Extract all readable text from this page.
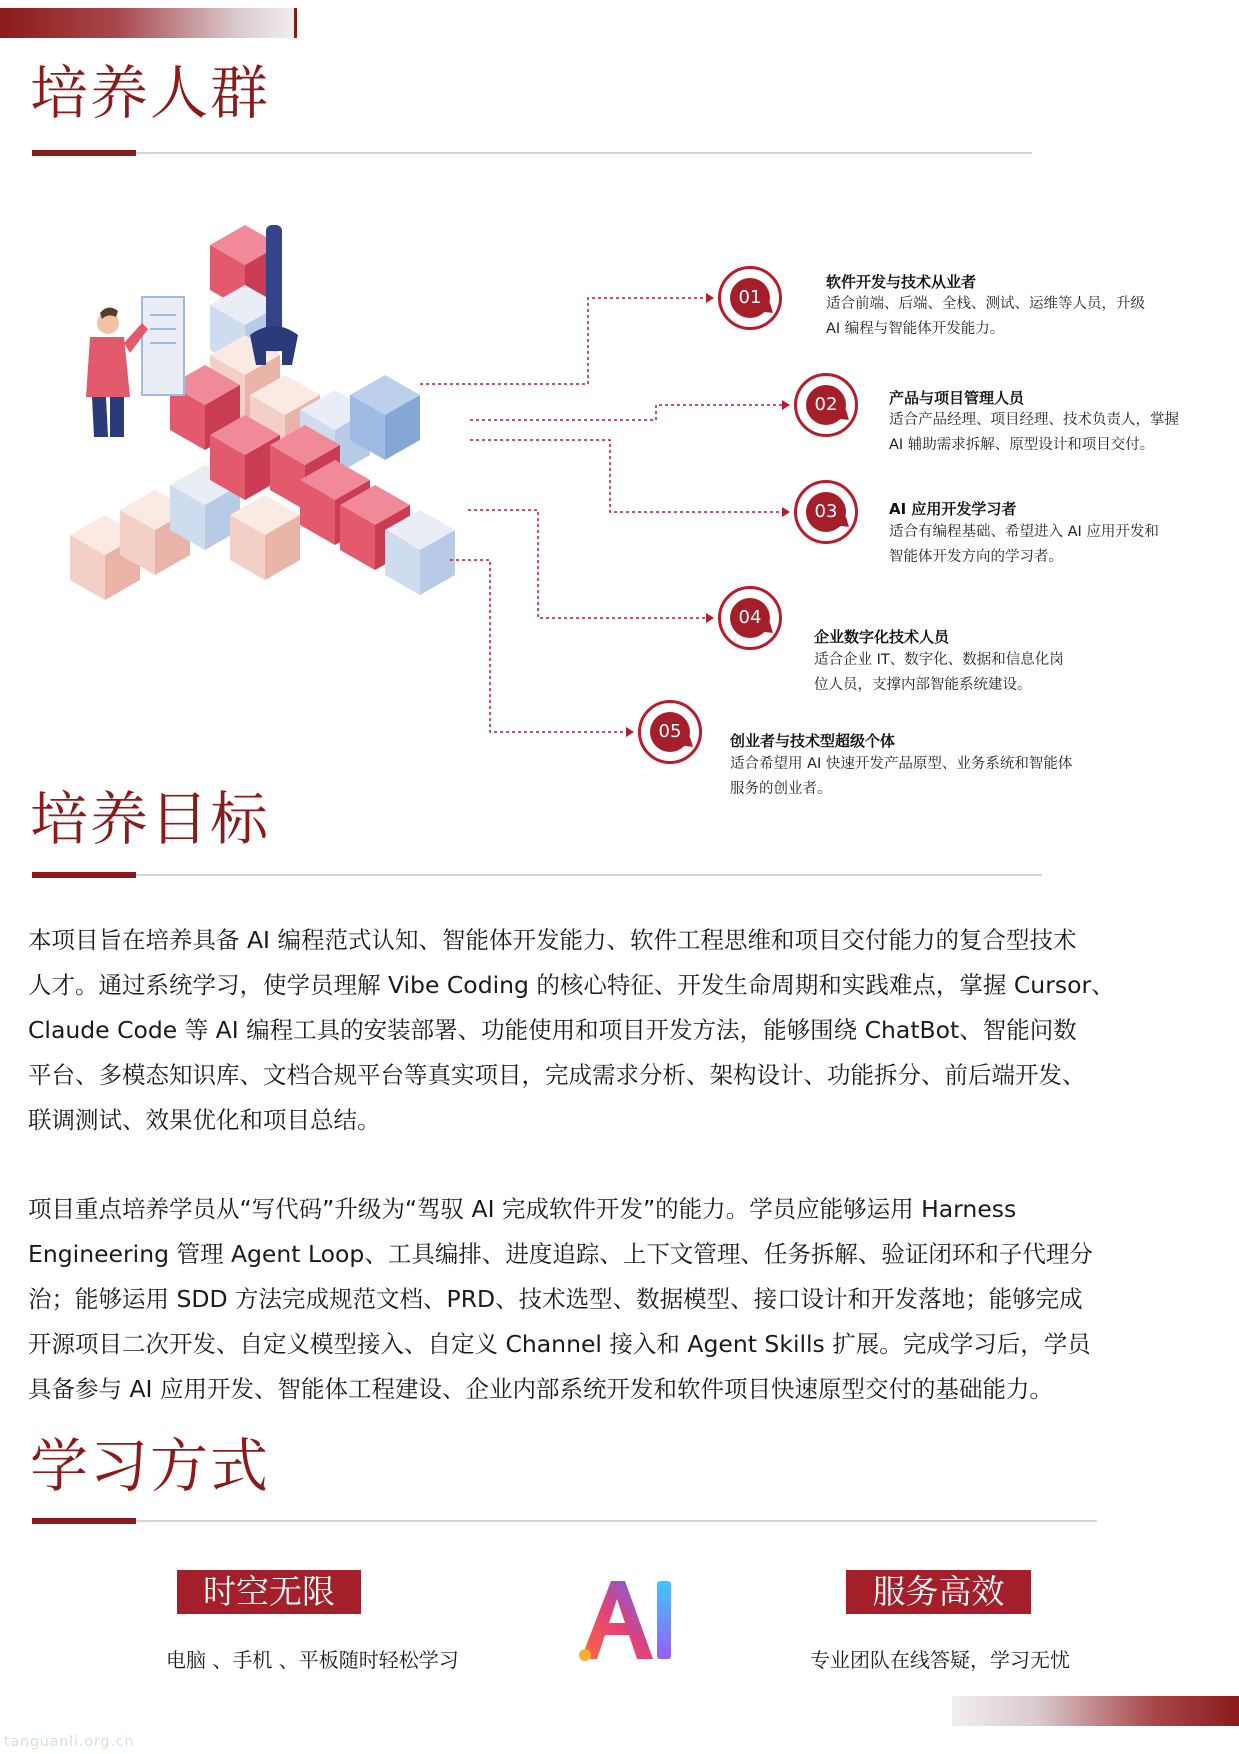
培养人群
01
软件开发与技术从业者
适合前端、后端、全栈、测试、运维等人员，升级
AI 编程与智能体开发能力。
02	产品与项目管理人员
适合产品经理、项目经理、技术负责人，掌握
AI 辅助需求拆解、原型设计和项目交付。
03	AI 应用开发学习者
适合有编程基础、希望进入 AI 应用开发和
智能体开发方向的学习者。
04
企业数字化技术人员
适合企业 IT、数字化、数据和信息化岗
位人员，支撑内部智能系统建设。
05	创业者与技术型超级个体
适合希望用 AI 快速开发产品原型、业务系统和智能体
服务的创业者。
培养目标
本项目旨在培养具备 AI 编程范式认知、智能体开发能力、软件工程思维和项目交付能力的复合型技术
人才。通过系统学习，使学员理解 Vibe Coding 的核心特征、开发生命周期和实践难点，掌握 Cursor、
Claude Code 等 AI 编程工具的安装部署、功能使用和项目开发方法，能够围绕 ChatBot、智能问数
平台、多模态知识库、文档合规平台等真实项目，完成需求分析、架构设计、功能拆分、前后端开发、
联调测试、效果优化和项目总结。
项目重点培养学员从“写代码”升级为“驾驭 AI 完成软件开发”的能力。学员应能够运用 Harness
Engineering 管理 Agent Loop、工具编排、进度追踪、上下文管理、任务拆解、验证闭环和子代理分
治；能够运用 SDD 方法完成规范文档、PRD、技术选型、数据模型、接口设计和开发落地；能够完成
开源项目二次开发、自定义模型接入、自定义 Channel 接入和 Agent Skills 扩展。完成学习后，学员
具备参与 AI 应用开发、智能体工程建设、企业内部系统开发和软件项目快速原型交付的基础能力。
学习方式
时空无限
电脑 、手机 、平板随时轻松学习
服务高效
专业团队在线答疑，学习无忧
tanguanli.org.cn
